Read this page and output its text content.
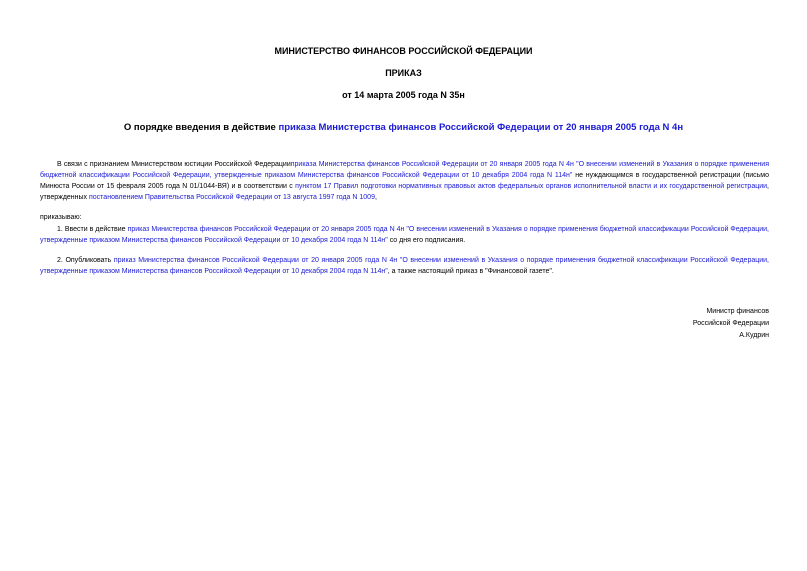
МИНИСТЕРСТВО ФИНАНСОВ РОССИЙСКОЙ ФЕДЕРАЦИИ
ПРИКАЗ
от 14 марта 2005 года N 35н
О порядке введения в действие приказа Министерства финансов Российской Федерации от 20 января 2005 года N 4н

В связи с признанием Министерством юстиции Российской Федерацииприказа Министерства финансов Российской Федерации от 20 января 2005 года N 4н "О внесении изменений в Указания о порядке применения бюджетной классификации Российской Федерации, утвержденные приказом Министерства финансов Российской Федерации от 10 декабря 2004 года N 114н" не нуждающимся в государственной регистрации (письмо Минюста России от 15 февраля 2005 года N 01/1044-ВЯ) и в соответствии с пунктом 17 Правил подготовки нормативных правовых актов федеральных органов исполнительной власти и их государственной регистрации, утвержденных постановлением Правительства Российской Федерации от 13 августа 1997 года N 1009,

приказываю:

1. Ввести в действие приказ Министерства финансов Российской Федерации от 20 января 2005 года N 4н "О внесении изменений в Указания о порядке применения бюджетной классификации Российской Федерации, утвержденные приказом Министерства финансов Российской Федерации от 10 декабря 2004 года N 114н" со дня его подписания.

2. Опубликовать приказ Министерства финансов Российской Федерации от 20 января 2005 года N 4н "О внесении изменений в Указания о порядке применения бюджетной классификации Российской Федерации, утвержденные приказом Министерства финансов Российской Федерации от 10 декабря 2004 года N 114н", а также настоящий приказ в "Финансовой газете".

Министр финансов
Российской Федерации
А.Кудрин
